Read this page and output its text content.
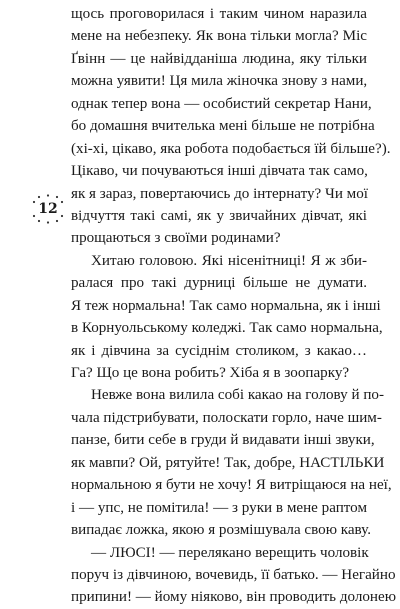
12
щось проговорилася і таким чином наразила
мене на небезпеку. Як вона тільки могла? Міс
Ґвінн — це найвідданіша людина, яку тільки
можна уявити! Ця мила жіночка знову з нами,
однак тепер вона — особистий секретар Нани,
бо домашня вчителька мені більше не потрібна
(хі-хі, цікаво, яка робота подобається їй більше?).
Цікаво, чи почуваються інші дівчата так само,
як я зараз, повертаючись до інтернату? Чи мої
відчуття такі самі, як у звичайних дівчат, які
прощаються з своїми родинами?
Хитаю головою. Які нісенітниці! Я ж зби-
ралася про такі дурниці більше не думати.
Я теж нормальна! Так само нормальна, як і інші
в Корнуольському коледжі. Так само нормальна,
як і дівчина за сусіднім столиком, з какао…
Га? Що це вона робить? Хіба я в зоопарку?
Невже вона вилила собі какао на голову й по-
чала підстрибувати, полоскати горло, наче шим-
панзе, бити себе в груди й видавати інші звуки,
як мавпи? Ой, рятуйте! Так, добре, НАСТІЛЬКИ
нормальною я бути не хочу! Я витріщаюся на неї,
і — упс, не помітила! — з руки в мене раптом
випадає ложка, якою я розмішувала свою каву.
— ЛЮСІ! — перелякано верещить чоловік
поруч із дівчиною, вочевидь, її батько. — Негайно
припини! — йому ніяково, він проводить долонею
